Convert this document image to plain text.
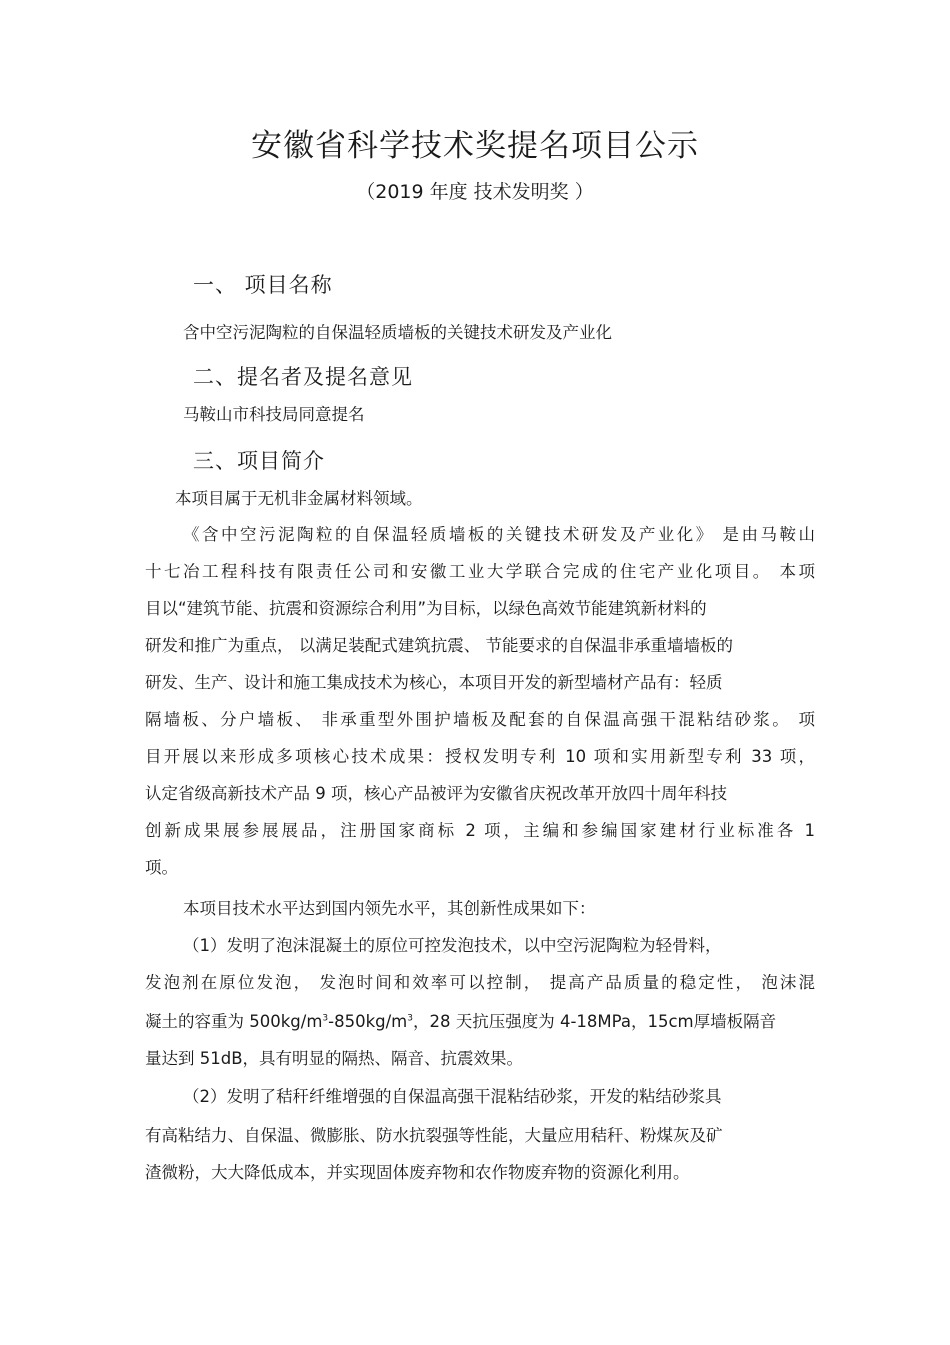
安徽省科学技术奖提名项目公示
（2019 年度 技术发明奖 ）
一、 项目名称
含中空污泥陶粒的自保温轻质墙板的关键技术研发及产业化
二、提名者及提名意见
马鞍山市科技局同意提名
三、项目简介
本项目属于无机非金属材料领域。
《含中空污泥陶粒的自保温轻质墙板的关键技术研发及产业化》 是由马鞍山
十七冶工程科技有限责任公司和安徽工业大学联合完成的住宅产业化项目。 本项
目以“建筑节能、抗震和资源综合利用”为目标，以绿色高效节能建筑新材料的
研发和推广为重点， 以满足装配式建筑抗震、 节能要求的自保温非承重墙墙板的
研发、生产、设计和施工集成技术为核心，本项目开发的新型墙材产品有：轻质
隔墙板、分户墙板、 非承重型外围护墙板及配套的自保温高强干混粘结砂浆。 项
目开展以来形成多项核心技术成果：授权发明专利 10 项和实用新型专利 33 项，
认定省级高新技术产品 9 项，核心产品被评为安徽省庆祝改革开放四十周年科技
创新成果展参展展品，注册国家商标 2 项，主编和参编国家建材行业标准各 1
项。
本项目技术水平达到国内领先水平，其创新性成果如下：
（1）发明了泡沫混凝土的原位可控发泡技术，以中空污泥陶粒为轻骨料，
发泡剂在原位发泡， 发泡时间和效率可以控制， 提高产品质量的稳定性， 泡沫混
凝土的容重为 $500kg/m^3-850kg/m^3$，28 天抗压强度为 4-18MPa，15cm厚墙板隔音
量达到 51dB，具有明显的隔热、隔音、抗震效果。
（2）发明了秸秆纤维增强的自保温高强干混粘结砂浆，开发的粘结砂浆具
有高粘结力、自保温、微膨胀、防水抗裂强等性能，大量应用秸秆、粉煤灰及矿
渣微粉，大大降低成本，并实现固体废弃物和农作物废弃物的资源化利用。
